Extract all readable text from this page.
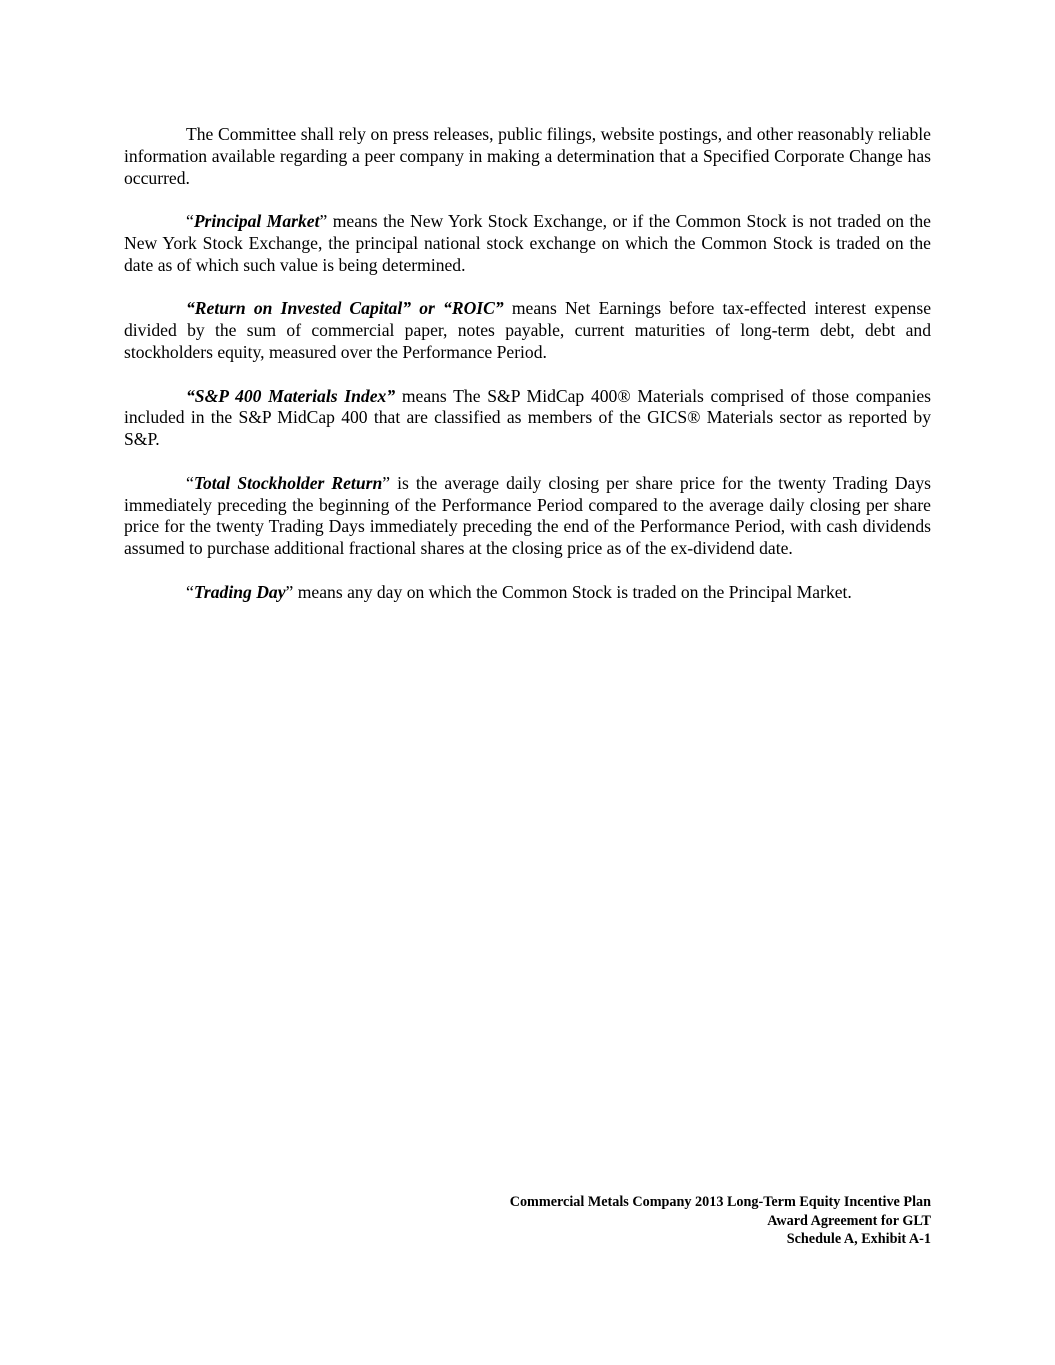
The Committee shall rely on press releases, public filings, website postings, and other reasonably reliable information available regarding a peer company in making a determination that a Specified Corporate Change has occurred.

“Principal Market” means the New York Stock Exchange, or if the Common Stock is not traded on the New York Stock Exchange, the principal national stock exchange on which the Common Stock is traded on the date as of which such value is being determined.

“Return on Invested Capital” or “ROIC” means Net Earnings before tax-effected interest expense divided by the sum of commercial paper, notes payable, current maturities of long-term debt, debt and stockholders equity, measured over the Performance Period.

“S&P 400 Materials Index” means The S&P MidCap 400® Materials comprised of those companies included in the S&P MidCap 400 that are classified as members of the GICS® Materials sector as reported by S&P.

“Total Stockholder Return” is the average daily closing per share price for the twenty Trading Days immediately preceding the beginning of the Performance Period compared to the average daily closing per share price for the twenty Trading Days immediately preceding the end of the Performance Period, with cash dividends assumed to purchase additional fractional shares at the closing price as of the ex-dividend date.

“Trading Day” means any day on which the Common Stock is traded on the Principal Market.

Commercial Metals Company 2013 Long-Term Equity Incentive Plan
Award Agreement for GLT
Schedule A, Exhibit A-1
